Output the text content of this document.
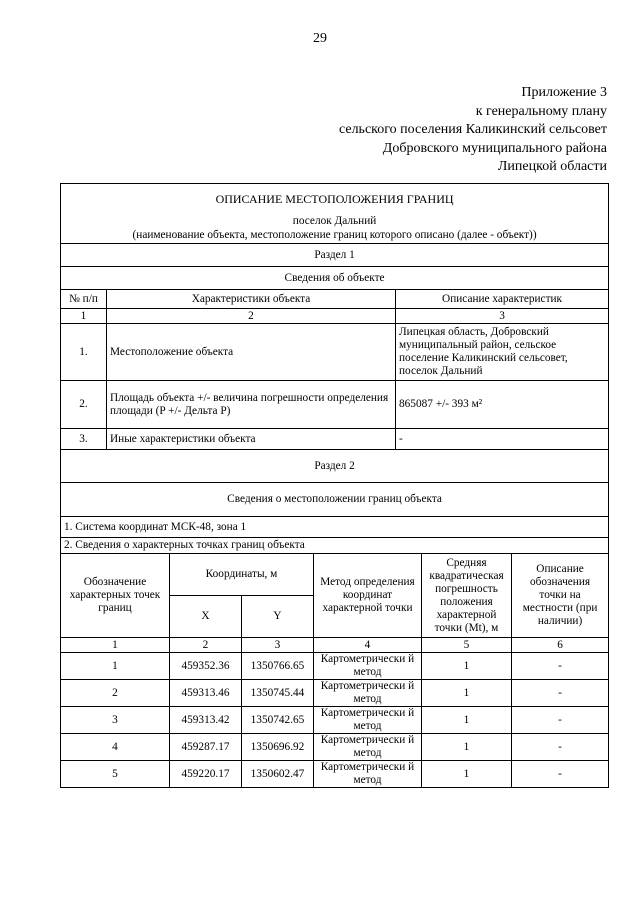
29
Приложение 3
к генеральному плану
сельского поселения Каликинский сельсовет
Добровского муниципального района
Липецкой области
ОПИСАНИЕ МЕСТОПОЛОЖЕНИЯ ГРАНИЦ							
поселок Дальний							
(наименование объекта, местоположение границ которого описано (далее - объект))							
Раздел 1							
Сведения об объекте							
№ п/п	Характеристики объекта				Описание характеристик		
1	2				3		
1.	Местоположение объекта				Липецкая область, Добровский муниципальный район, сельское поселение Каликинский сельсовет, поселок Дальний		
2.	Площадь объекта +/- величина погрешности определения площади (P +/- Дельта P)				865087 +/- 393 м²		
3.	Иные характеристики объекта				-		
Раздел 2							
Сведения о местоположении границ объекта							
1. Система координат МСК-48, зона 1							
2. Сведения о характерных точках границ объекта							
Обозначение характерных точек границ		Координаты, м		Метод определения координат характерной точки		Средняя квадратическая погрешность положения характерной точки (Mt), м	Описание обозначения точки на местности (при наличии)
		X	Y				
1		2	3	4		5	6
1		459352.36	1350766.65	Картометрически й метод		1	-
2		459313.46	1350745.44	Картометрически й метод		1	-
3		459313.42	1350742.65	Картометрически й метод		1	-
4		459287.17	1350696.92	Картометрически й метод		1	-
5		459220.17	1350602.47	Картометрически й метод		1	-
